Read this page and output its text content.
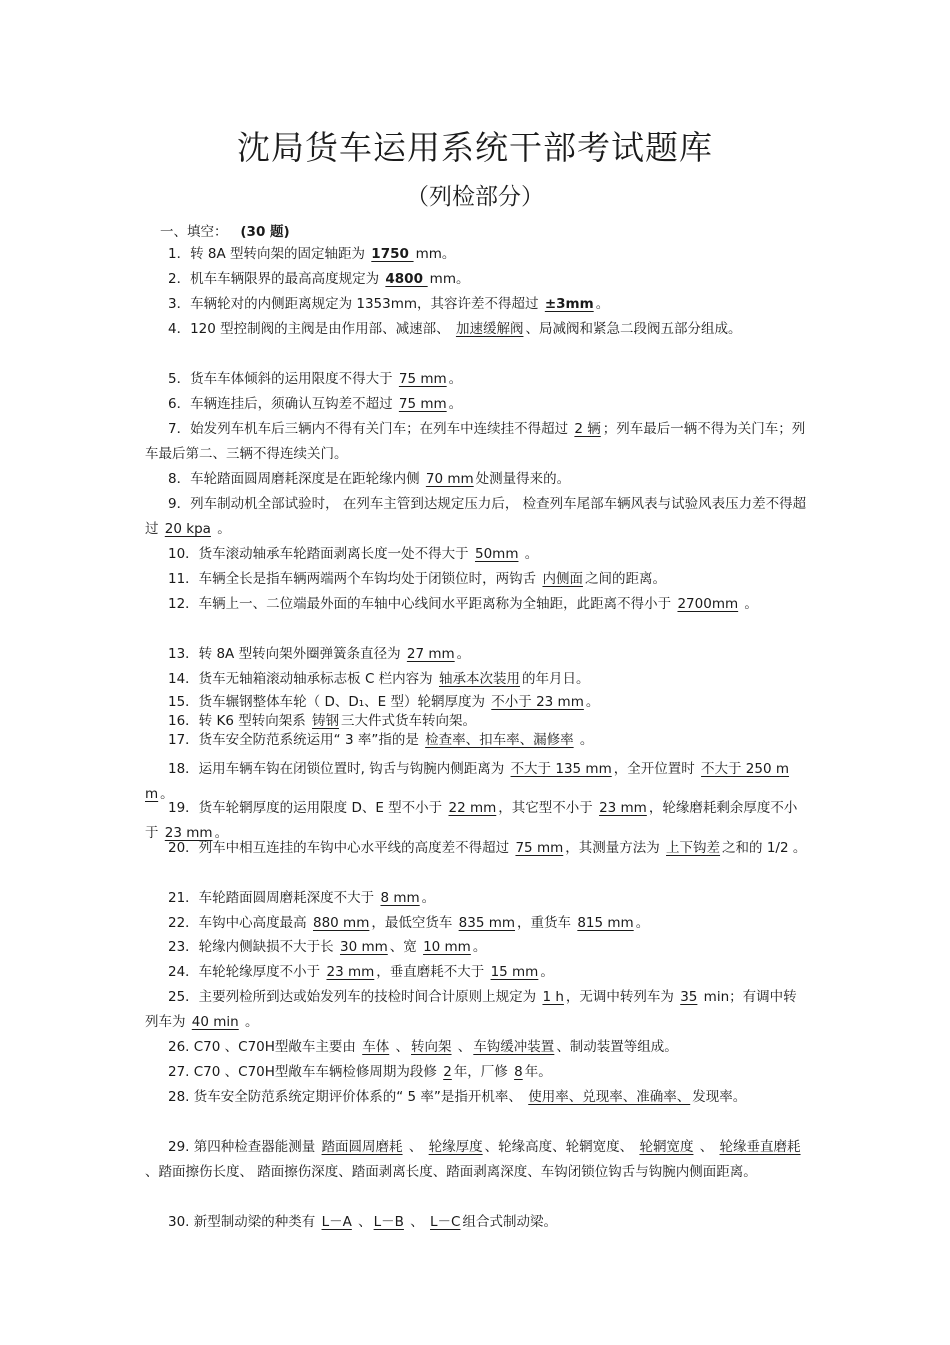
沈局货车运用系统干部考试题库
（列检部分）
一、填空： (30 题)
1．转 8A 型转向架的固定轴距为 1750 mm。
2．机车车辆限界的最高高度规定为 4800 mm。
3．车辆轮对的内侧距离规定为 1353mm，其容许差不得超过 ±3mm 。
4．120 型控制阀的主阀是由作用部、减速部、 加速缓解阀 、局减阀和紧急二段阀五部分组成。
5．货车车体倾斜的运用限度不得大于 75 mm 。
6．车辆连挂后，须确认互钩差不超过 75 mm 。
7．始发列车机车后三辆内不得有关门车；在列车中连续挂不得超过 2 辆 ；列车最后一辆不得为关门车；列车最后第二、三辆不得连续关门。
8．车轮踏面圆周磨耗深度是在距轮缘内侧 70 mm 处测量得来的。
9．列车制动机全部试验时， 在列车主管到达规定压力后， 检查列车尾部车辆风表与试验风表压力差不得超过 20 kpa 。
10．货车滚动轴承车轮踏面剥离长度一处不得大于 50mm 。
11．车辆全长是指车辆两端两个车钩均处于闭锁位时，两钩舌 内侧面 之间的距离。
12．车辆上一、二位端最外面的车轴中心线间水平距离称为全轴距，此距离不得小于 2700mm 。
13．转 8A 型转向架外圈弹簧条直径为 27 mm 。
14．货车无轴箱滚动轴承标志板 C 栏内容为 轴承本次装用 的年月日。
15．货车辗钢整体车轮（ D、D₁、E 型）轮辋厚度为 不小于 23 mm 。
16．转 K6 型转向架系 铸钢 三大件式货车转向架。
17．货车安全防范系统运用“ 3 率”指的是 检查率、扣车率、漏修率 。
18．运用车辆车钩在闭锁位置时, 钩舌与钩腕内侧距离为 不大于 135 mm ，全开位置时 不大于 250 mm 。
19．货车轮辋厚度的运用限度 D、E 型不小于 22 mm ，其它型不小于 23 mm ，轮缘磨耗剩余厚度不小于 23 mm 。
20．列车中相互连挂的车钩中心水平线的高度差不得超过 75 mm ，其测量方法为 上下钩差 之和的 1/2 。
21．车轮踏面圆周磨耗深度不大于 8 mm 。
22．车钩中心高度最高 880 mm ，最低空货车 835 mm ，重货车 815 mm 。
23．轮缘内侧缺损不大于长 30 mm 、宽 10 mm 。
24．车轮轮缘厚度不小于 23 mm ，垂直磨耗不大于 15 mm 。
25．主要列检所到达或始发列车的技检时间合计原则上规定为 1 h ，无调中转列车为 35 min；有调中转列车为 40 min 。
26. C70 、C70H型敞车主要由 车体 、 转向架 、 车钩缓冲装置 、制动装置等组成。
27. C70 、C70H型敞车车辆检修周期为段修 2 年，厂修 8 年。
28. 货车安全防范系统定期评价体系的“ 5 率”是指开机率、 使用率、兑现率、准确率、 发现率。
29. 第四种检查器能测量 踏面圆周磨耗 、 轮缘厚度 、轮缘高度、轮辋宽度、 轮辋宽度 、 轮缘垂直磨耗 、踏面擦伤长度、 踏面擦伤深度、踏面剥离长度、踏面剥离深度、车钩闭锁位钩舌与钩腕内侧面距离。
30. 新型制动梁的种类有 L－A 、 L－B 、 L－C 组合式制动梁。
